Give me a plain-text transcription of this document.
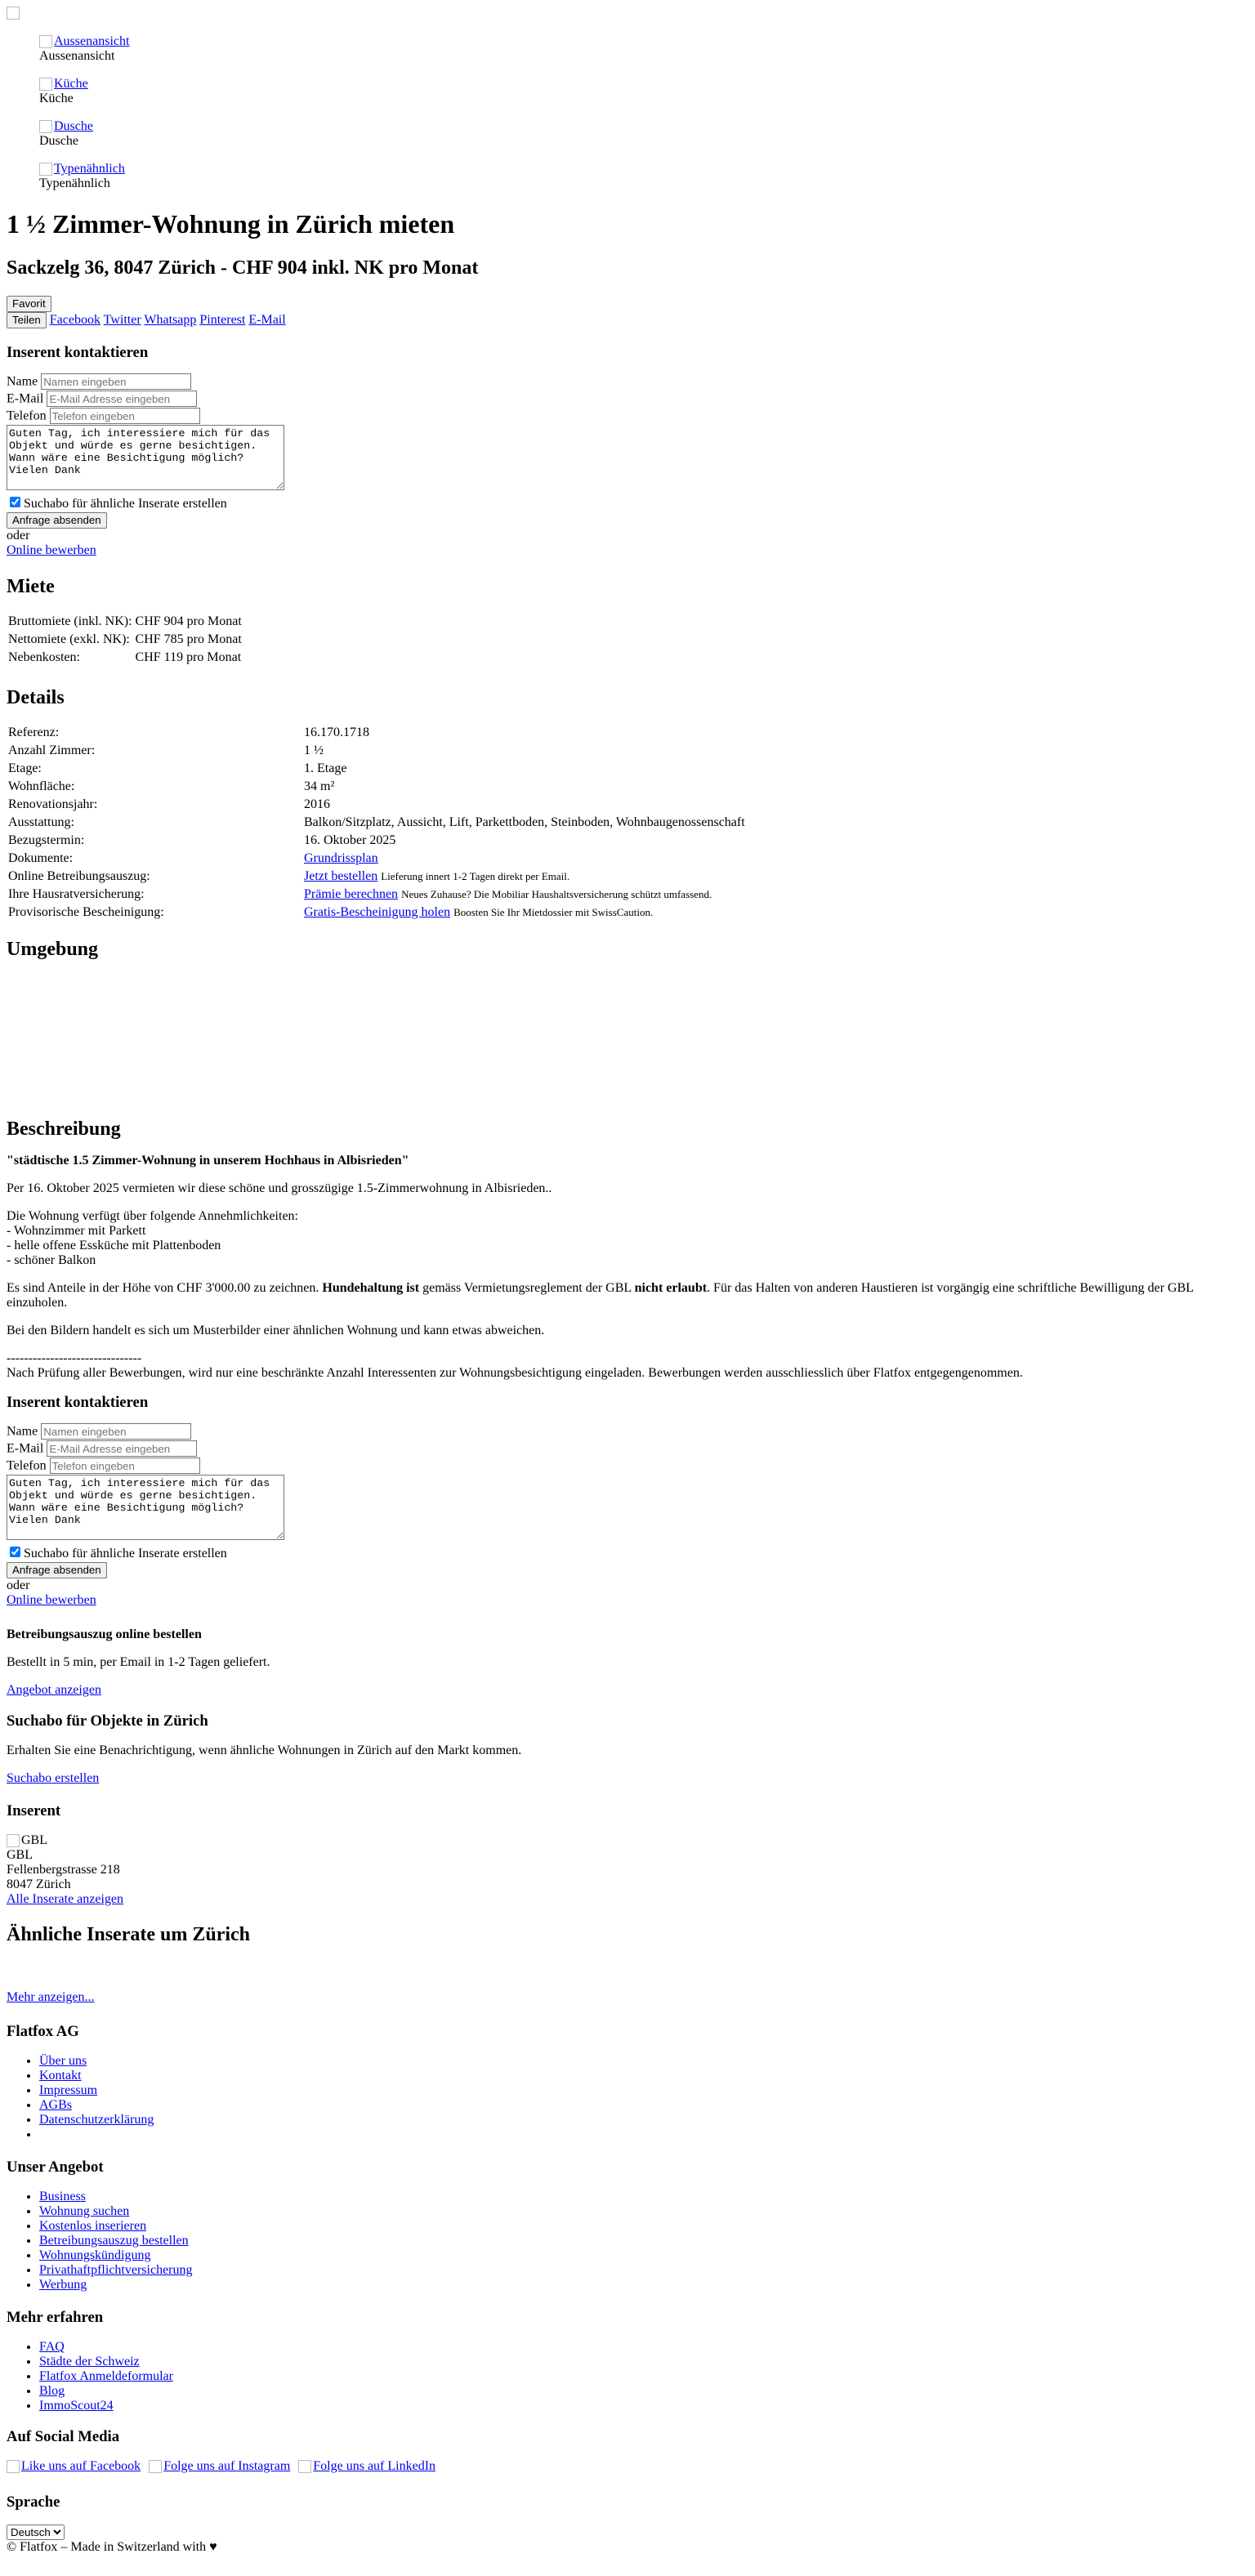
Aussenansicht
Aussenansicht
Küche
Küche
Dusche
Dusche
Typenähnlich
Typenähnlich
1 ½ Zimmer-Wohnung in Zürich mieten
Sackzelg 36, 8047 Zürich - CHF 904 inkl. NK pro Monat
Favorit
Teilen Facebook Twitter Whatsapp Pinterest E-Mail
Inserent kontaktieren
Name Namen eingeben
E-Mail E-Mail Adresse eingeben
Telefon Telefon eingeben
Guten Tag, ich interessiere mich für das Objekt und würde es gerne besichtigen. Wann wäre eine Besichtigung möglich? Vielen Dank
Suchabo für ähnliche Inserate erstellen
Anfrage absenden
oder
Online bewerben
Miete
Bruttomiete (inkl. NK):	CHF 904 pro Monat
Nettomiete (exkl. NK):	CHF 785 pro Monat
Nebenkosten:	CHF 119 pro Monat
Details
Referenz:	16.170.1718
Anzahl Zimmer:	1 ½
Etage:	1. Etage
Wohnfläche:	34 m²
Renovationsjahr:	2016
Ausstattung:	Balkon/Sitzplatz, Aussicht, Lift, Parkettboden, Steinboden, Wohnbaugenossenschaft
Bezugstermin:	16. Oktober 2025
Dokumente:	Grundrissplan
Online Betreibungsauszug:	Jetzt bestellen Lieferung innert 1-2 Tagen direkt per Email.
Ihre Hausratversicherung:	Prämie berechnen Neues Zuhause? Die Mobiliar Haushaltsversicherung schützt umfassend.
Provisorische Bescheinigung:	Gratis-Bescheinigung holen Boosten Sie Ihr Mietdossier mit SwissCaution.
Umgebung
Beschreibung
"städtische 1.5 Zimmer-Wohnung in unserem Hochhaus in Albisrieden"

Per 16. Oktober 2025 vermieten wir diese schöne und grosszügige 1.5-Zimmerwohnung in Albisrieden..

Die Wohnung verfügt über folgende Annehmlichkeiten:
- Wohnzimmer mit Parkett
- helle offene Essküche mit Plattenboden
- schöner Balkon

Es sind Anteile in der Höhe von CHF 3'000.00 zu zeichnen. Hundehaltung ist gemäss Vermietungsreglement der GBL nicht erlaubt. Für das Halten von anderen Haustieren ist vorgängig eine schriftliche Bewilligung der GBL einzuholen.

Bei den Bildern handelt es sich um Musterbilder einer ähnlichen Wohnung und kann etwas abweichen.

-------------------------------
Nach Prüfung aller Bewerbungen, wird nur eine beschränkte Anzahl Interessenten zur Wohnungsbesichtigung eingeladen. Bewerbungen werden ausschliesslich über Flatfox entgegengenommen.
Inserent kontaktieren
Name Namen eingeben
E-Mail E-Mail Adresse eingeben
Telefon Telefon eingeben
Guten Tag, ich interessiere mich für das Objekt und würde es gerne besichtigen. Wann wäre eine Besichtigung möglich? Vielen Dank
Suchabo für ähnliche Inserate erstellen
Anfrage absenden
oder
Online bewerben
Betreibungsauszug online bestellen
Bestellt in 5 min, per Email in 1-2 Tagen geliefert.
Angebot anzeigen
Suchabo für Objekte in Zürich
Erhalten Sie eine Benachrichtigung, wenn ähnliche Wohnungen in Zürich auf den Markt kommen.
Suchabo erstellen
Inserent
GBL
GBL
Fellenbergstrasse 218
8047 Zürich
Alle Inserate anzeigen
Ähnliche Inserate um Zürich
Mehr anzeigen...
Flatfox AG
• Über uns
• Kontakt
• Impressum
• AGBs
• Datenschutzerklärung
•
Unser Angebot
• Business
• Wohnung suchen
• Kostenlos inserieren
• Betreibungsauszug bestellen
• Wohnungskündigung
• Privathaftpflichtversicherung
• Werbung
Mehr erfahren
• FAQ
• Städte der Schweiz
• Flatfox Anmeldeformular
• Blog
• ImmoScout24
Auf Social Media
Like uns auf Facebook Folge uns auf Instagram Folge uns auf LinkedIn
Sprache
Deutsch
© Flatfox – Made in Switzerland with ♥
